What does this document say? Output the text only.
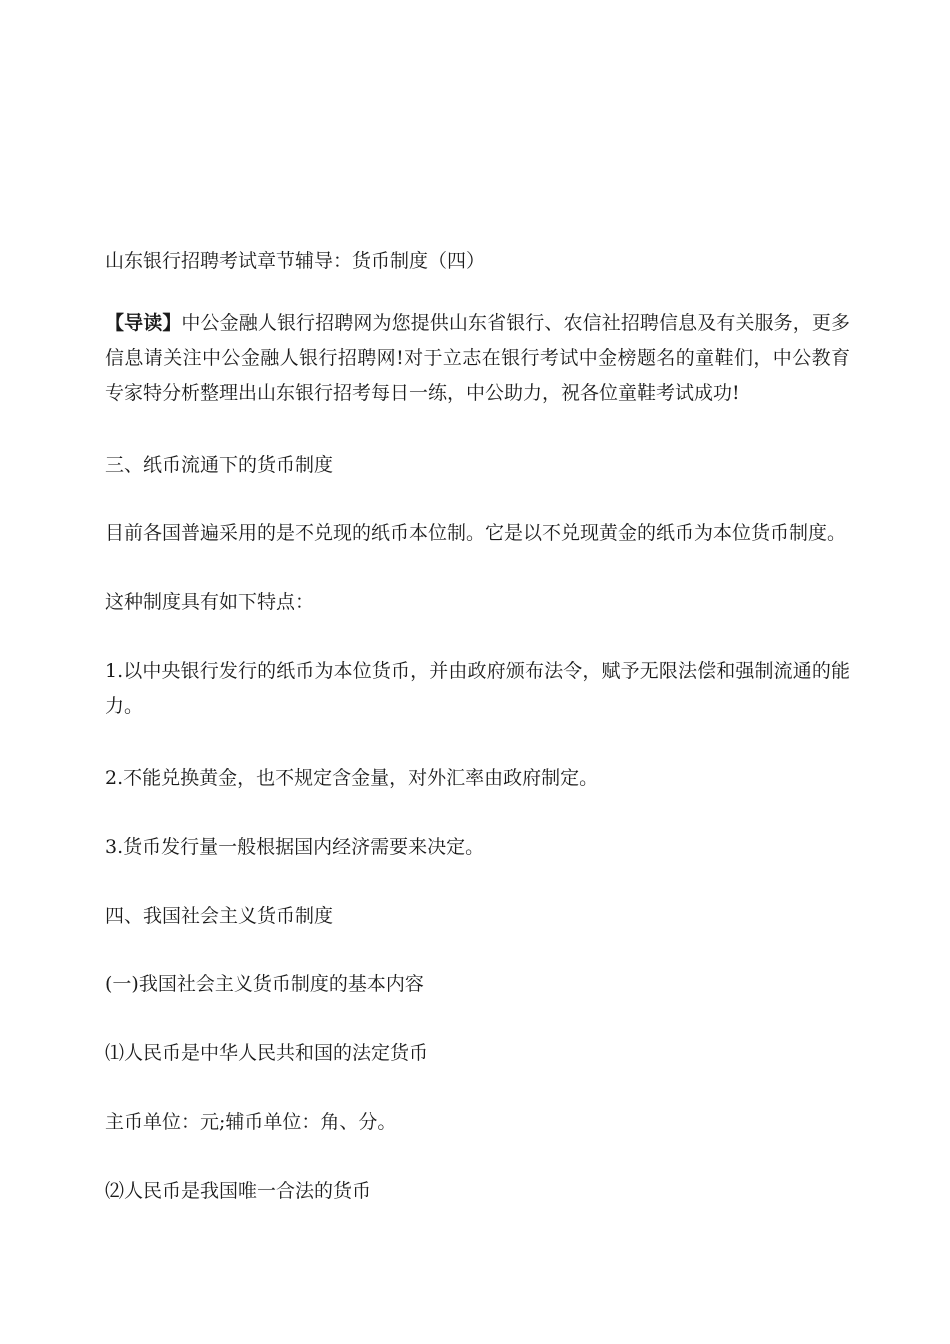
山东银行招聘考试章节辅导：货币制度（四）

【导读】中公金融人银行招聘网为您提供山东省银行、农信社招聘信息及有关服务，更多信息请关注中公金融人银行招聘网!对于立志在银行考试中金榜题名的童鞋们，中公教育专家特分析整理出山东银行招考每日一练，中公助力，祝各位童鞋考试成功!

三、纸币流通下的货币制度

目前各国普遍采用的是不兑现的纸币本位制。它是以不兑现黄金的纸币为本位货币制度。

这种制度具有如下特点：

1.以中央银行发行的纸币为本位货币，并由政府颁布法令，赋予无限法偿和强制流通的能力。

2.不能兑换黄金，也不规定含金量，对外汇率由政府制定。

3.货币发行量一般根据国内经济需要来决定。

四、我国社会主义货币制度

(一)我国社会主义货币制度的基本内容

⑴人民币是中华人民共和国的法定货币

主币单位：元;辅币单位：角、分。

⑵人民币是我国唯一合法的货币
